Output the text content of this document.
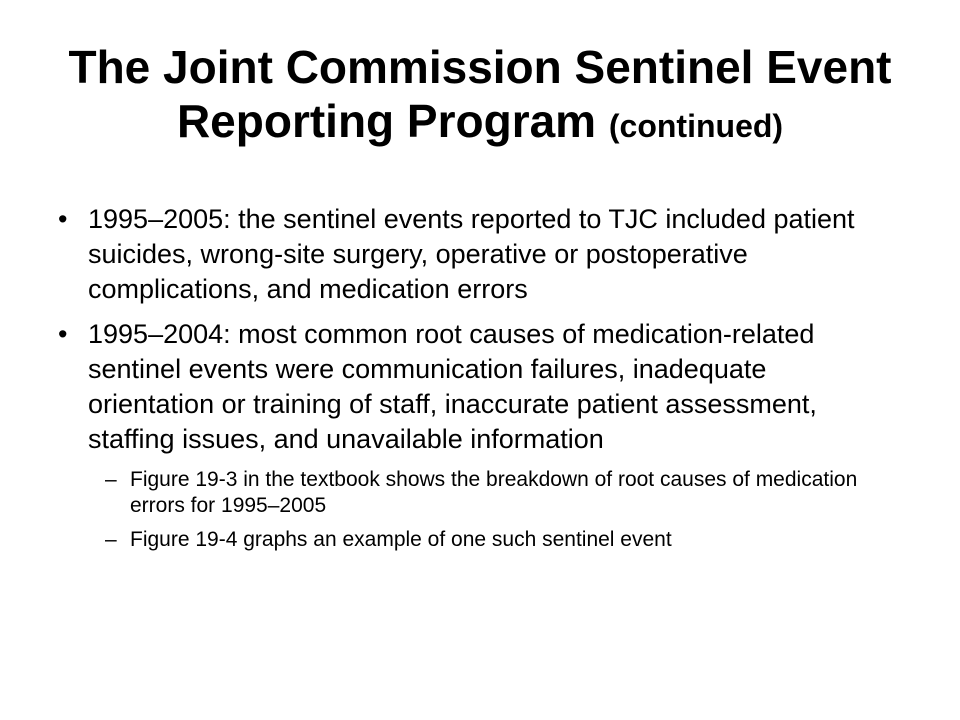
The Joint Commission Sentinel Event Reporting Program (continued)
• 1995–2005: the sentinel events reported to TJC included patient suicides, wrong-site surgery, operative or postoperative complications, and medication errors
• 1995–2004: most common root causes of medication-related sentinel events were communication failures, inadequate orientation or training of staff, inaccurate patient assessment, staffing issues, and unavailable information
– Figure 19-3 in the textbook shows the breakdown of root causes of medication errors for 1995–2005
– Figure 19-4 graphs an example of one such sentinel event
